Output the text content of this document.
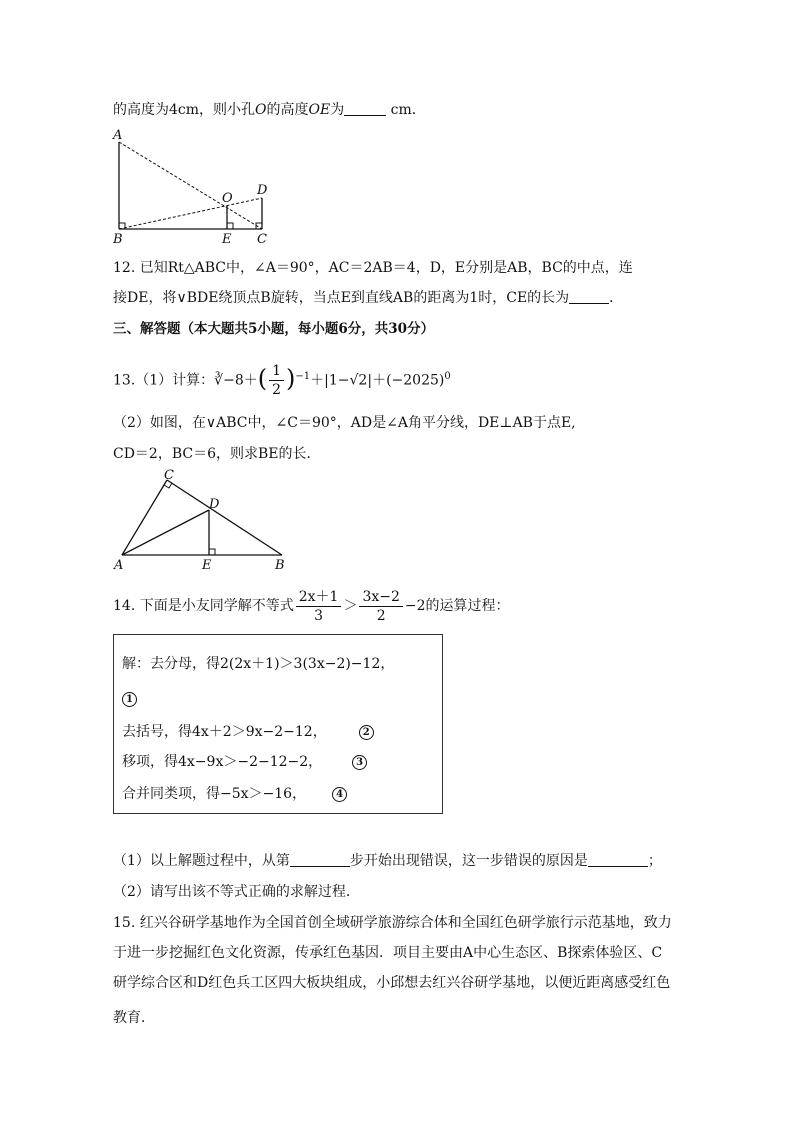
的高度为4cm，则小孔O的高度OE为	cm．
A
O
D
B	E C
12. 已知Rt△ABC中，∠A＝90°，AC＝2AB＝4，D，E分别是AB，BC的中点，连
接DE，将∨BDE绕顶点B旋转，当点E到直线AB的距离为1时，CE的长为	．
三、解答题（本大题共5小题，每小题6分，共30分）
13.（1）计算：∛−8＋( $\frac{1}{2} )^{-1}+|1-√2|+(-2025)^0$
（2）如图，在∨ABC中，∠C＝90°，AD是∠A角平分线，DE⊥AB于点E,
CD＝2，BC＝6，则求BE的长．
C
D
A	E	B
14. 下面是小友同学解不等式 $\frac{2x+1}{3} > \frac{3x-2}{2} -2$的运算过程：
解：去分母，得2(2x＋1)＞3(3x−2)−12，
1
去括号，得4x＋2＞9x−2−12，	2
移项，得4x−9x＞−2−12−2，	3
合并同类项，得−5x＞−16，	4
（1）以上解题过程中，从第	步开始出现错误，这一步错误的原因是	；
（2）请写出该不等式正确的求解过程．
15. 红兴谷研学基地作为全国首创全域研学旅游综合体和全国红色研学旅行示范基地，致力
于进一步挖掘红色文化资源，传承红色基因．项目主要由A中心生态区、B探索体验区、C
研学综合区和D红色兵工区四大板块组成，小邱想去红兴谷研学基地，以便近距离感受红色
教育．
